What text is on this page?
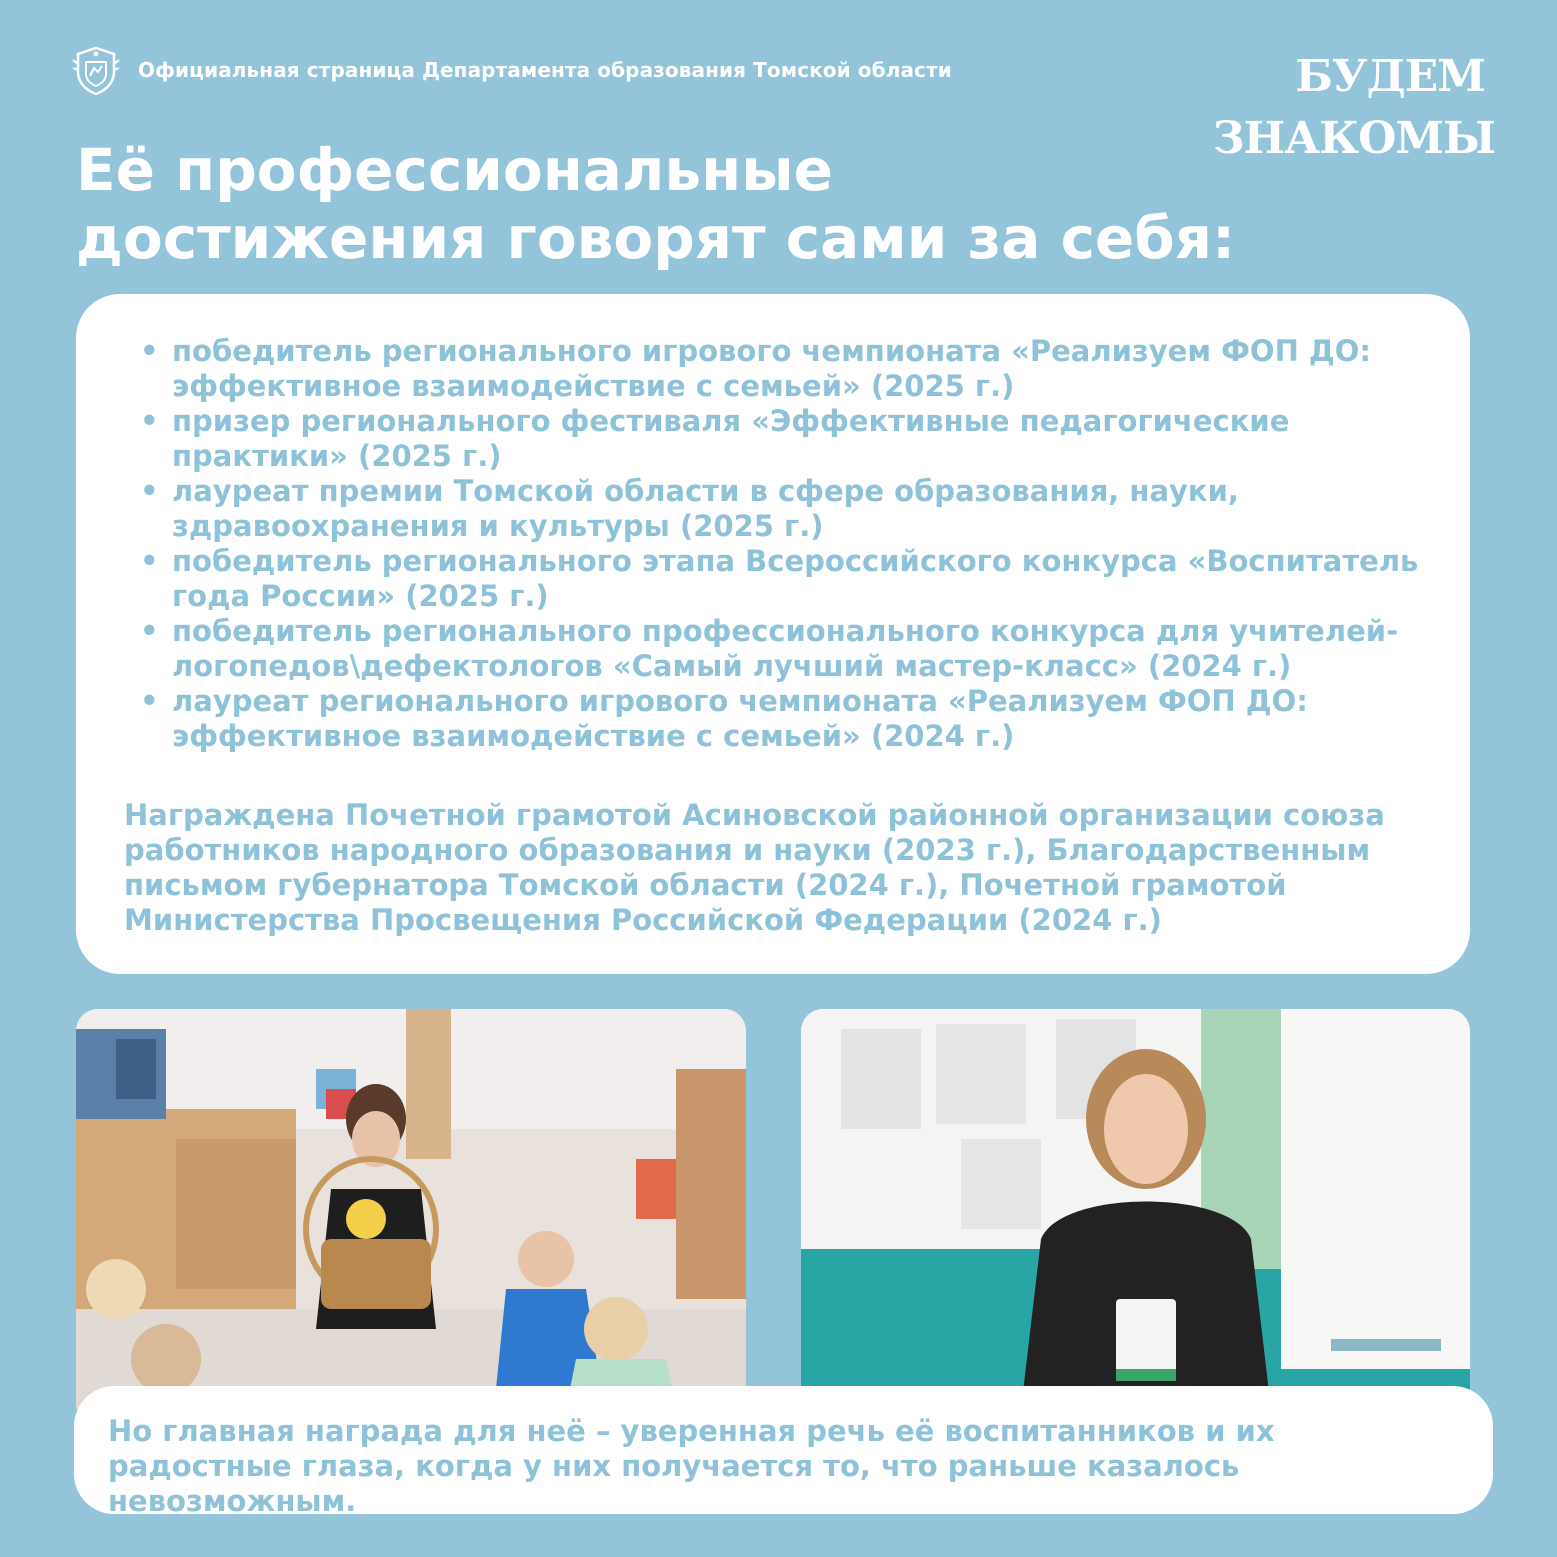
Официальная страница Департамента образования Томской области	БУДЕМ
ЗНАКОМЫ
Её профессиональные
достижения говорят сами за себя:
• победитель регионального игрового чемпионата «Реализуем ФОП ДО: эффективное взаимодействие с семьей» (2025 г.)
• призер регионального фестиваля «Эффективные педагогические практики» (2025 г.)
• лауреат премии Томской области в сфере образования, науки, здравоохранения и культуры (2025 г.)
• победитель регионального этапа Всероссийского конкурса «Воспитатель года России» (2025 г.)
• победитель регионального профессионального конкурса для учителей-логопедов\дефектологов «Самый лучший мастер-класс» (2024 г.)
• лауреат регионального игрового чемпионата «Реализуем ФОП ДО: эффективное взаимодействие с семьей» (2024 г.)
Награждена Почетной грамотой Асиновской районной организации союза работников народного образования и науки (2023 г.), Благодарственным письмом губернатора Томской области (2024 г.), Почетной грамотой Министерства Просвещения Российской Федерации (2024 г.)
Но главная награда для неё – уверенная речь её воспитанников и их радостные глаза, когда у них получается то, что раньше казалось невозможным.
